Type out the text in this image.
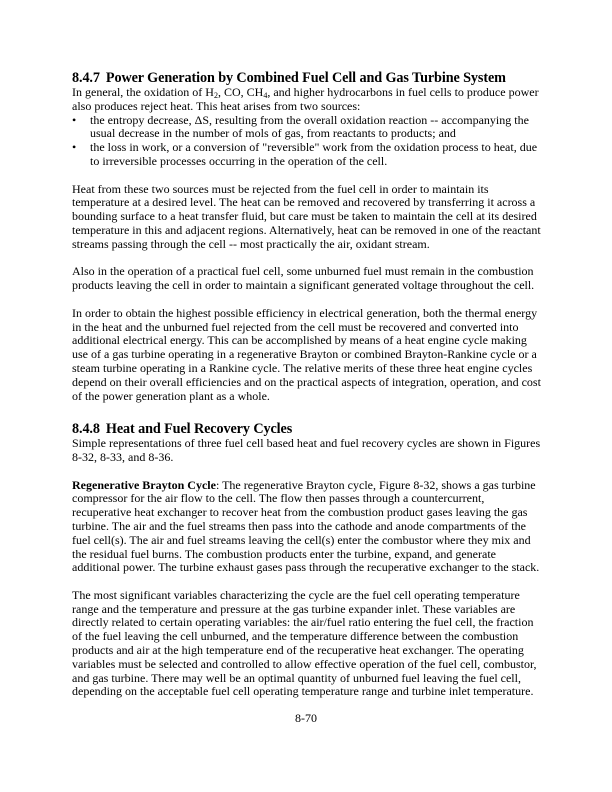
8.4.7 Power Generation by Combined Fuel Cell and Gas Turbine System

In general, the oxidation of $H_2$, CO, $CH_4$, and higher hydrocarbons in fuel cells to produce power also produces reject heat. This heat arises from two sources:

• the entropy decrease, ΔS, resulting from the overall oxidation reaction -- accompanying the usual decrease in the number of mols of gas, from reactants to products; and
• the loss in work, or a conversion of "reversible" work from the oxidation process to heat, due to irreversible processes occurring in the operation of the cell.

Heat from these two sources must be rejected from the fuel cell in order to maintain its temperature at a desired level. The heat can be removed and recovered by transferring it across a bounding surface to a heat transfer fluid, but care must be taken to maintain the cell at its desired temperature in this and adjacent regions. Alternatively, heat can be removed in one of the reactant streams passing through the cell -- most practically the air, oxidant stream.

Also in the operation of a practical fuel cell, some unburned fuel must remain in the combustion products leaving the cell in order to maintain a significant generated voltage throughout the cell.

In order to obtain the highest possible efficiency in electrical generation, both the thermal energy in the heat and the unburned fuel rejected from the cell must be recovered and converted into additional electrical energy. This can be accomplished by means of a heat engine cycle making use of a gas turbine operating in a regenerative Brayton or combined Brayton-Rankine cycle or a steam turbine operating in a Rankine cycle. The relative merits of these three heat engine cycles depend on their overall efficiencies and on the practical aspects of integration, operation, and cost of the power generation plant as a whole.

8.4.8 Heat and Fuel Recovery Cycles

Simple representations of three fuel cell based heat and fuel recovery cycles are shown in Figures 8-32, 8-33, and 8-36.

Regenerative Brayton Cycle: The regenerative Brayton cycle, Figure 8-32, shows a gas turbine compressor for the air flow to the cell. The flow then passes through a countercurrent, recuperative heat exchanger to recover heat from the combustion product gases leaving the gas turbine. The air and the fuel streams then pass into the cathode and anode compartments of the fuel cell(s). The air and fuel streams leaving the cell(s) enter the combustor where they mix and the residual fuel burns. The combustion products enter the turbine, expand, and generate additional power. The turbine exhaust gases pass through the recuperative exchanger to the stack.

The most significant variables characterizing the cycle are the fuel cell operating temperature range and the temperature and pressure at the gas turbine expander inlet. These variables are directly related to certain operating variables: the air/fuel ratio entering the fuel cell, the fraction of the fuel leaving the cell unburned, and the temperature difference between the combustion products and air at the high temperature end of the recuperative heat exchanger. The operating variables must be selected and controlled to allow effective operation of the fuel cell, combustor, and gas turbine. There may well be an optimal quantity of unburned fuel leaving the fuel cell, depending on the acceptable fuel cell operating temperature range and turbine inlet temperature.

8-70
